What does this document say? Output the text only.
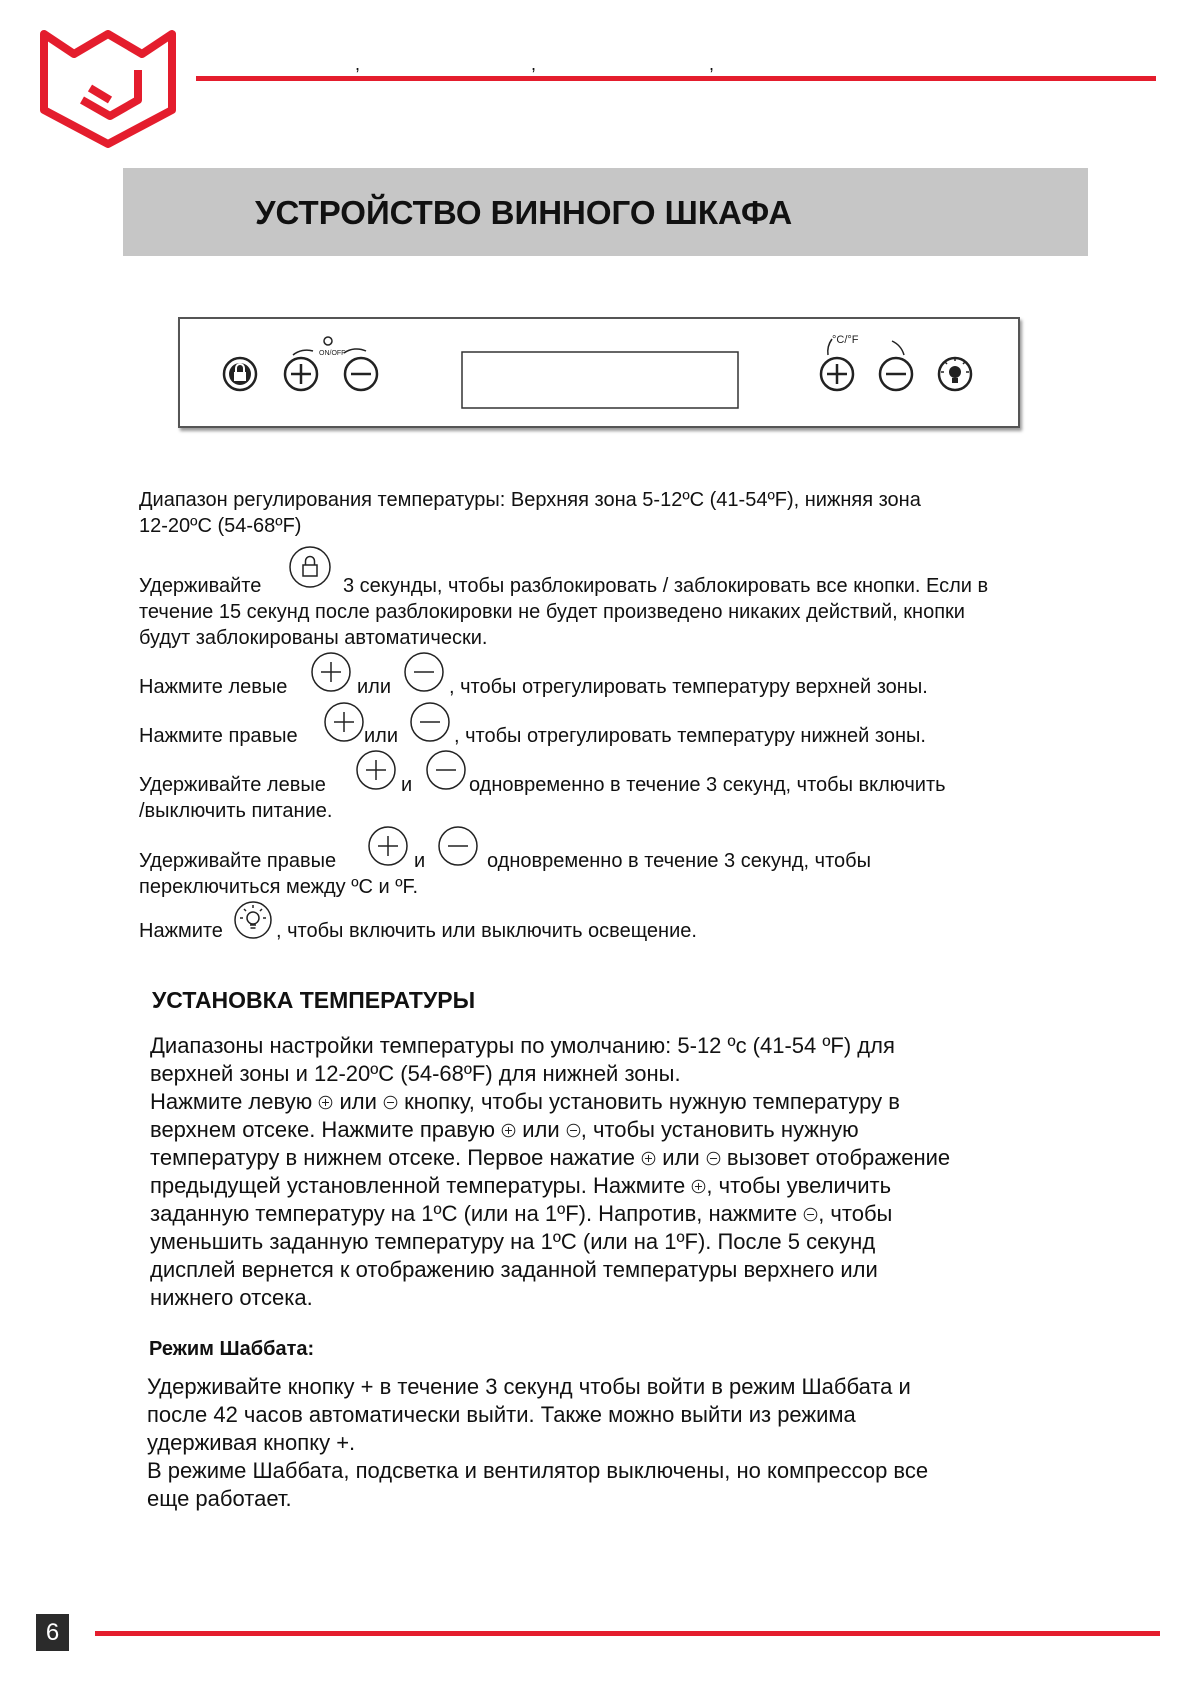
,	,	,
УСТРОЙСТВО ВИННОГО ШКАФА
ON/OFF
°C/°F
Диапазон регулирования температуры: Верхняя зона 5-12ºС (41-54ºF), нижняя зона
12-20ºС (54-68ºF)
Удерживайте	3 секунды, чтобы разблокировать / заблокировать все кнопки. Если в
течение 15 секунд после разблокировки не будет произведено никаких действий, кнопки
будут заблокированы автоматически.
Нажмите левые	или	, чтобы отрегулировать температуру верхней зоны.
Нажмите правые	или	, чтобы отрегулировать температуру нижней зоны.
Удерживайте левые	и	одновременно в течение 3 секунд, чтобы включить
/выключить питание.
Удерживайте правые	и	одновременно в течение 3 секунд, чтобы
переключиться между ºС и ºF.
Нажмите	, чтобы включить или выключить освещение.
УСТАНОВКА ТЕМПЕРАТУРЫ
Диапазоны настройки температуры по умолчанию: 5-12 ºс (41-54 ºF) для
верхней зоны и 12-20ºС (54-68ºF) для нижней зоны.
Нажмите левую или кнопку, чтобы установить нужную температуру в
верхнем отсеке. Нажмите правую или , чтобы установить нужную
температуру в нижнем отсеке. Первое нажатие или вызовет отображение
предыдущей установленной температуры. Нажмите , чтобы увеличить
заданную температуру на 1ºС (или на 1ºF). Напротив, нажмите , чтобы
уменьшить заданную температуру на 1ºС (или на 1ºF). После 5 секунд
дисплей вернется к отображению заданной температуры верхнего или
нижнего отсека.
Режим Шаббата:
Удерживайте кнопку + в течение 3 секунд чтобы войти в режим Шаббата и
после 42 часов автоматически выйти. Также можно выйти из режима
удерживая кнопку +.
В режиме Шаббата, подсветка и вентилятор выключены, но компрессор все
еще работает.
6
